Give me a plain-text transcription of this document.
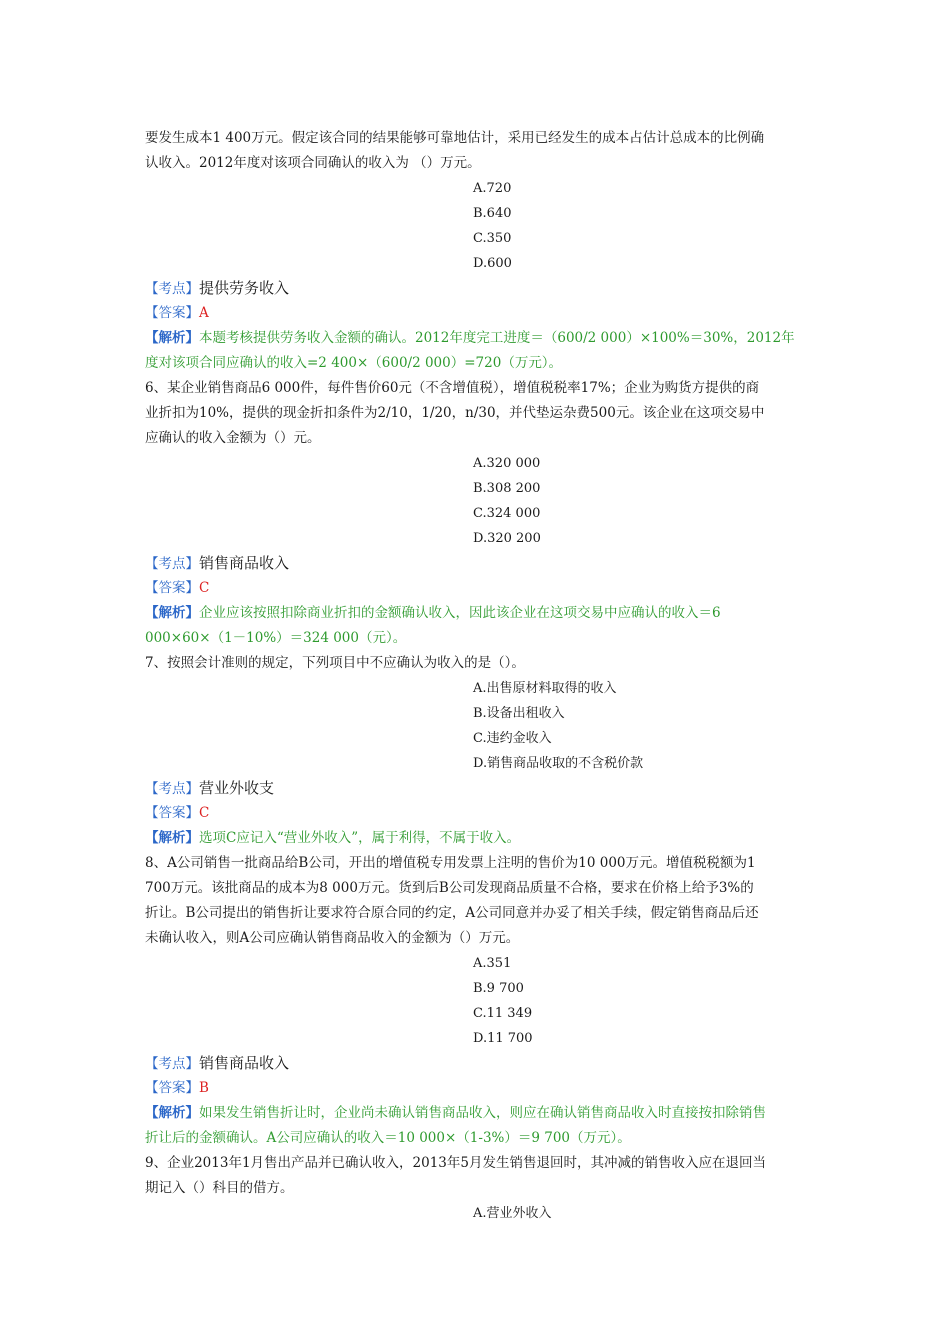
要发生成本1 400万元。假定该合同的结果能够可靠地估计，采用已经发生的成本占估计总成本的比例确
认收入。2012年度对该项合同确认的收入为 （）万元。
A.720
B.640
C.350
D.600
【考点】提供劳务收入
【答案】A
【解析】本题考核提供劳务收入金额的确认。2012年度完工进度＝（600/2 000）×100%＝30%，2012年
度对该项合同应确认的收入=2 400×（600/2 000）=720（万元）。
6、某企业销售商品6 000件，每件售价60元（不含增值税），增值税税率17%；企业为购货方提供的商
业折扣为10%，提供的现金折扣条件为2/10，1/20，n/30，并代垫运杂费500元。该企业在这项交易中
应确认的收入金额为（）元。
A.320 000
B.308 200
C.324 000
D.320 200
【考点】销售商品收入
【答案】C
【解析】企业应该按照扣除商业折扣的金额确认收入，因此该企业在这项交易中应确认的收入＝6
000×60×（1－10%）＝324 000（元）。
7、按照会计准则的规定，下列项目中不应确认为收入的是（）。
A.出售原材料取得的收入
B.设备出租收入
C.违约金收入
D.销售商品收取的不含税价款
【考点】营业外收支
【答案】C
【解析】选项C应记入“营业外收入”，属于利得，不属于收入。
8、A公司销售一批商品给B公司，开出的增值税专用发票上注明的售价为10 000万元。增值税税额为1
700万元。该批商品的成本为8 000万元。货到后B公司发现商品质量不合格，要求在价格上给予3%的
折让。B公司提出的销售折让要求符合原合同的约定，A公司同意并办妥了相关手续，假定销售商品后还
未确认收入，则A公司应确认销售商品收入的金额为（）万元。
A.351
B.9 700
C.11 349
D.11 700
【考点】销售商品收入
【答案】B
【解析】如果发生销售折让时，企业尚未确认销售商品收入，则应在确认销售商品收入时直接按扣除销售
折让后的金额确认。A公司应确认的收入＝10 000×（1-3%）＝9 700（万元）。
9、企业2013年1月售出产品并已确认收入，2013年5月发生销售退回时，其冲减的销售收入应在退回当
期记入（）科目的借方。
A.营业外收入
